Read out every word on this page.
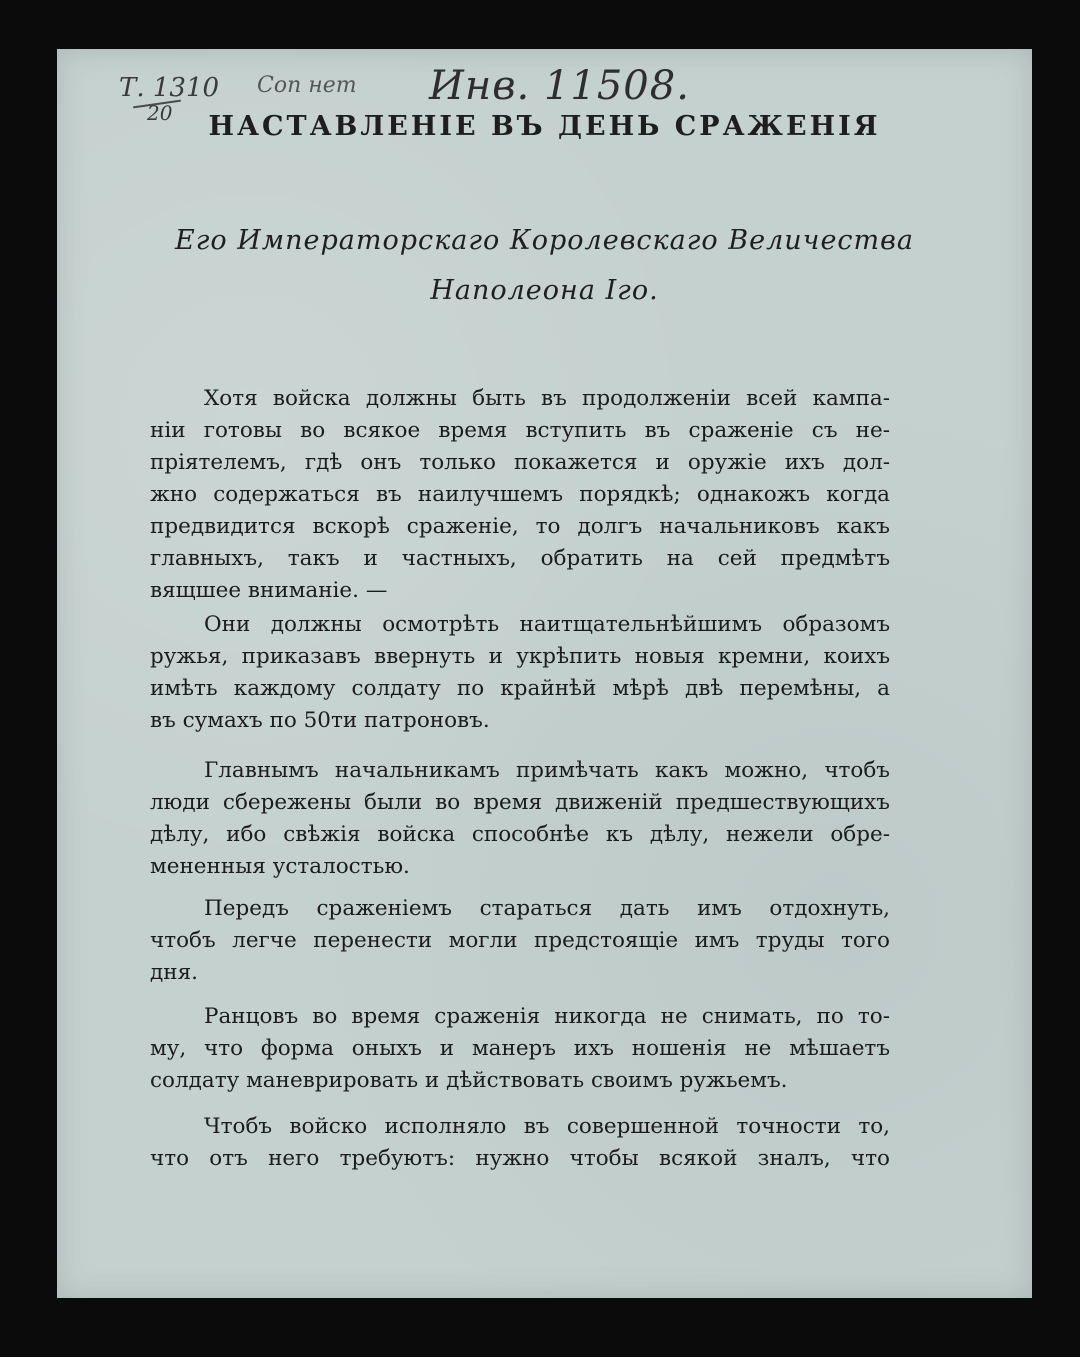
Т. 1310
20
Соп нет Инв. 11508.
НАСТАВЛЕНІЕ ВЪ ДЕНЬ СРАЖЕНІЯ
Его Императорскаго Королевскаго Величества
Наполеона Iго.

Хотя войска должны быть въ продолженіи всей кампа-
ніи готовы во всякое время вступить въ сраженіе съ не-
пріятелемъ, гдѣ онъ только покажется и оружіе ихъ дол-
жно содержаться въ наилучшемъ порядкѣ; однакожъ когда
предвидится вскорѣ сраженіе, то долгъ начальниковъ какъ
главныхъ, такъ и частныхъ, обратить на сей предмѣтъ
вящшее вниманіе. —

Они должны осмотрѣть наитщательнѣйшимъ образомъ
ружья, приказавъ ввернуть и укрѣпить новыя кремни, коихъ
имѣть каждому солдату по крайнѣй мѣрѣ двѣ перемѣны, а
въ сумахъ по 50ти патроновъ.

Главнымъ начальникамъ примѣчать какъ можно, чтобъ
люди сбережены были во время движеній предшествующихъ
дѣлу, ибо свѣжія войска способнѣе къ дѣлу, нежели обре-
мененныя усталостью.

Передъ сраженіемъ стараться дать имъ отдохнуть,
чтобъ легче перенести могли предстоящіе имъ труды того
дня.

Ранцовъ во время сраженія никогда не снимать, по то-
му, что форма оныхъ и манеръ ихъ ношенія не мѣшаетъ
солдату маневрировать и дѣйствовать своимъ ружьемъ.

Чтобъ войско исполняло въ совершенной точности то,
что отъ него требуютъ: нужно чтобы всякой зналъ, что
